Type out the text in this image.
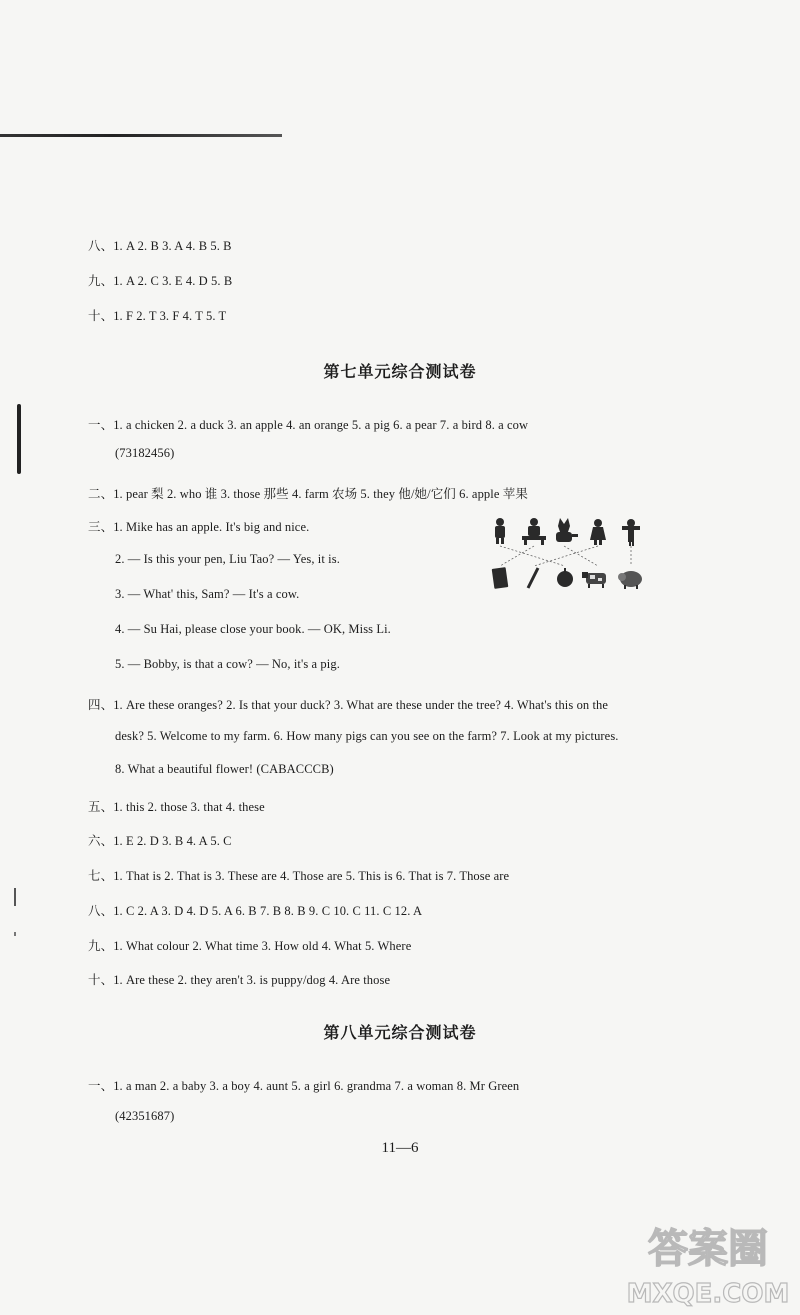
八、1. A 2. B 3. A 4. B 5. B
九、1. A 2. C 3. E 4. D 5. B
十、1. F 2. T 3. F 4. T 5. T
第七单元综合测试卷
一、1. a chicken 2. a duck 3. an apple 4. an orange 5. a pig 6. a pear 7. a bird 8. a cow
(73182456)
二、1. pear 梨 2. who 谁 3. those 那些 4. farm 农场 5. they 他/她/它们 6. apple 苹果
三、1. Mike has an apple. It's big and nice.
2. — Is this your pen, Liu Tao? — Yes, it is.
3. — What' this, Sam? — It's a cow.
4. — Su Hai, please close your book. — OK, Miss Li.
5. — Bobby, is that a cow? — No, it's a pig.
四、1. Are these oranges? 2. Is that your duck? 3. What are these under the tree? 4. What's this on the
desk? 5. Welcome to my farm. 6. How many pigs can you see on the farm? 7. Look at my pictures.
8. What a beautiful flower! (CABACCCB)
五、1. this 2. those 3. that 4. these
六、1. E 2. D 3. B 4. A 5. C
七、1. That is 2. That is 3. These are 4. Those are 5. This is 6. That is 7. Those are
八、1. C 2. A 3. D 4. D 5. A 6. B 7. B 8. B 9. C 10. C 11. C 12. A
九、1. What colour 2. What time 3. How old 4. What 5. Where
十、1. Are these 2. they aren't 3. is puppy/dog 4. Are those
第八单元综合测试卷
一、1. a man 2. a baby 3. a boy 4. aunt 5. a girl 6. grandma 7. a woman 8. Mr Green
(42351687)
11—6
答案圈
MXQE.COM
